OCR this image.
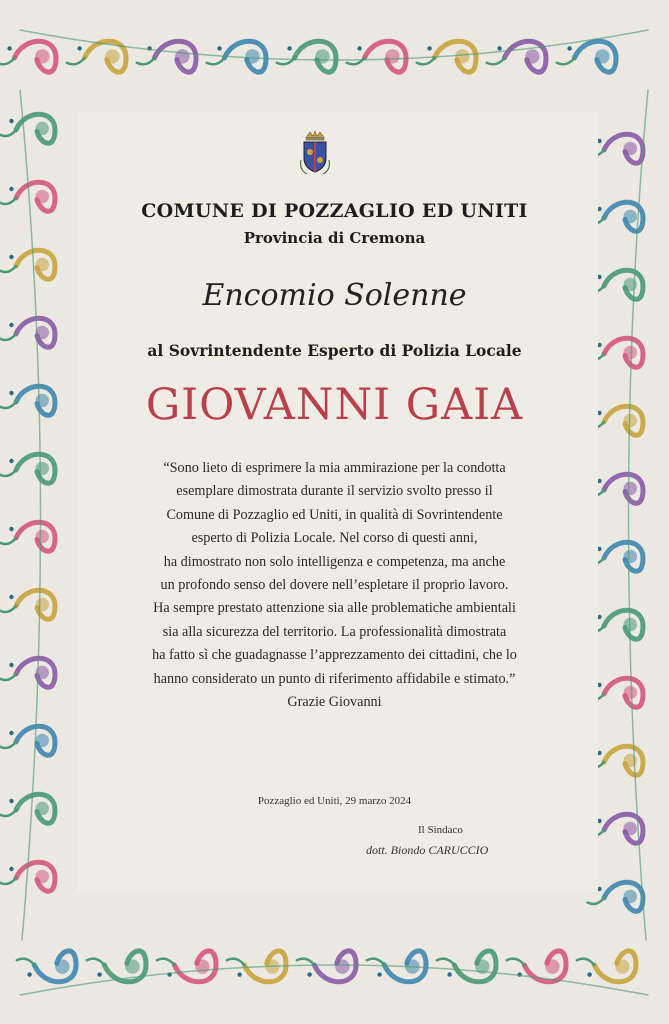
COMUNE DI POZZAGLIO ED UNITI
Provincia di Cremona
Encomio Solenne
al Sovrintendente Esperto di Polizia Locale
GIOVANNI GAIA
“Sono lieto di esprimere la mia ammirazione per la condotta
esemplare dimostrata durante il servizio svolto presso il
Comune di Pozzaglio ed Uniti, in qualità di Sovrintendente
esperto di Polizia Locale. Nel corso di questi anni,
ha dimostrato non solo intelligenza e competenza, ma anche
un profondo senso del dovere nell’espletare il proprio lavoro.
Ha sempre prestato attenzione sia alle problematiche ambientali
sia alla sicurezza del territorio. La professionalità dimostrata
ha fatto sì che guadagnasse l’apprezzamento dei cittadini, che lo
hanno considerato un punto di riferimento affidabile e stimato.”
Grazie Giovanni
Pozzaglio ed Uniti, 29 marzo 2024
Il Sindaco
dott. Biondo CARUCCIO
